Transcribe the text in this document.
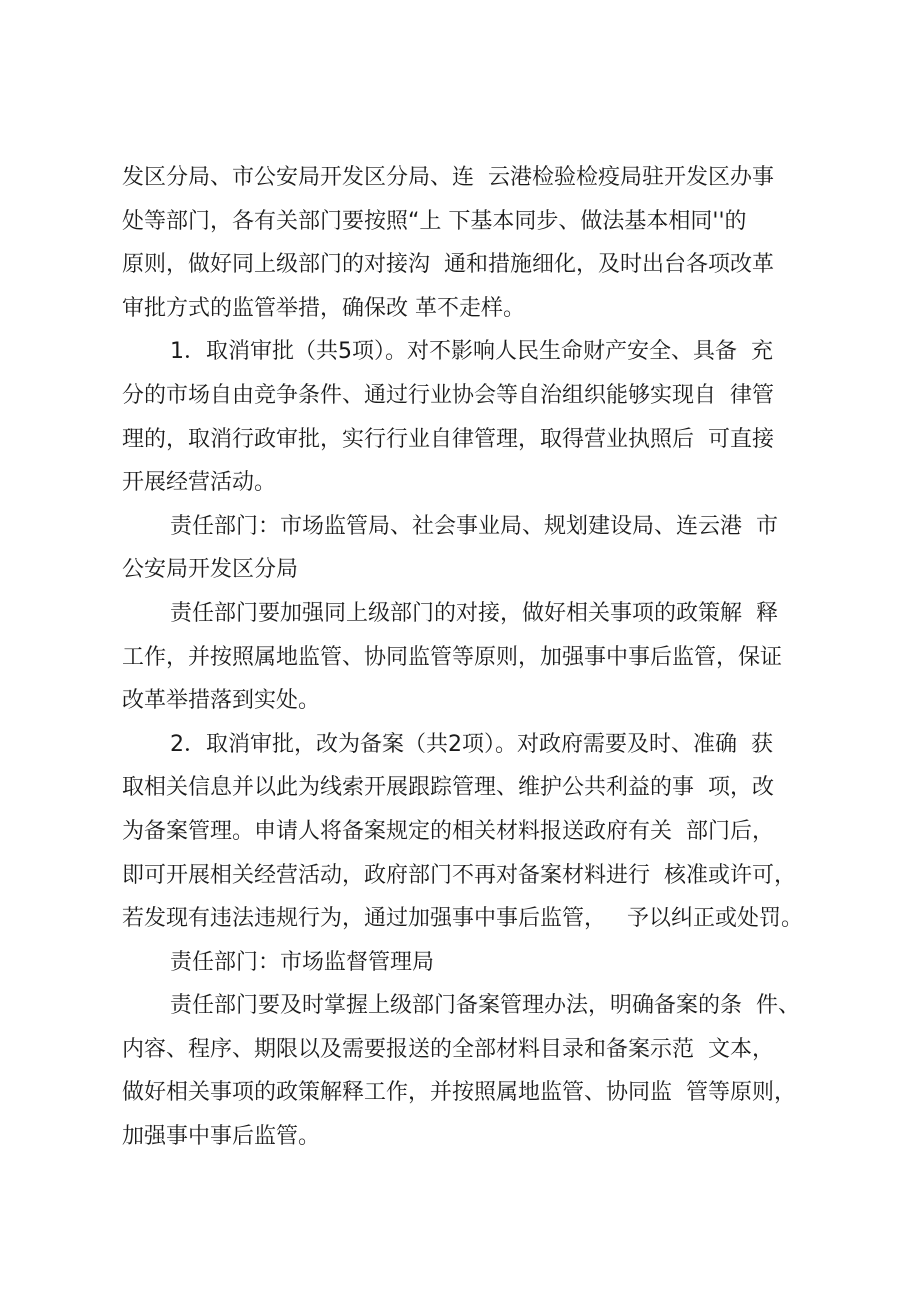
发区分局、市公安局开发区分局、连  云港检验检疫局驻开发区办事
处等部门，各有关部门要按照“上 下基本同步、做法基本相同''的
原则，做好同上级部门的对接沟  通和措施细化，及时出台各项改革
审批方式的监管举措，确保改 革不走样。
1．取消审批（共5项）。对不影响人民生命财产安全、具备  充
分的市场自由竞争条件、通过行业协会等自治组织能够实现自  律管
理的，取消行政审批，实行行业自律管理，取得营业执照后  可直接
开展经营活动。
责任部门：市场监管局、社会事业局、规划建设局、连云港  市
公安局开发区分局
责任部门要加强同上级部门的对接，做好相关事项的政策解  释
工作，并按照属地监管、协同监管等原则，加强事中事后监管，保证
改革举措落到实处。
2．取消审批，改为备案（共2项）。对政府需要及时、准确  获
取相关信息并以此为线索开展跟踪管理、维护公共利益的事  项，改
为备案管理。申请人将备案规定的相关材料报送政府有关  部门后，
即可开展相关经营活动，政府部门不再对备案材料进行  核准或许可，
若发现有违法违规行为，通过加强事中事后监管，   予以纠正或处罚。
责任部门：市场监督管理局
责任部门要及时掌握上级部门备案管理办法，明确备案的条  件、
内容、程序、期限以及需要报送的全部材料目录和备案示范  文本，
做好相关事项的政策解释工作，并按照属地监管、协同监  管等原则，
加强事中事后监管。
